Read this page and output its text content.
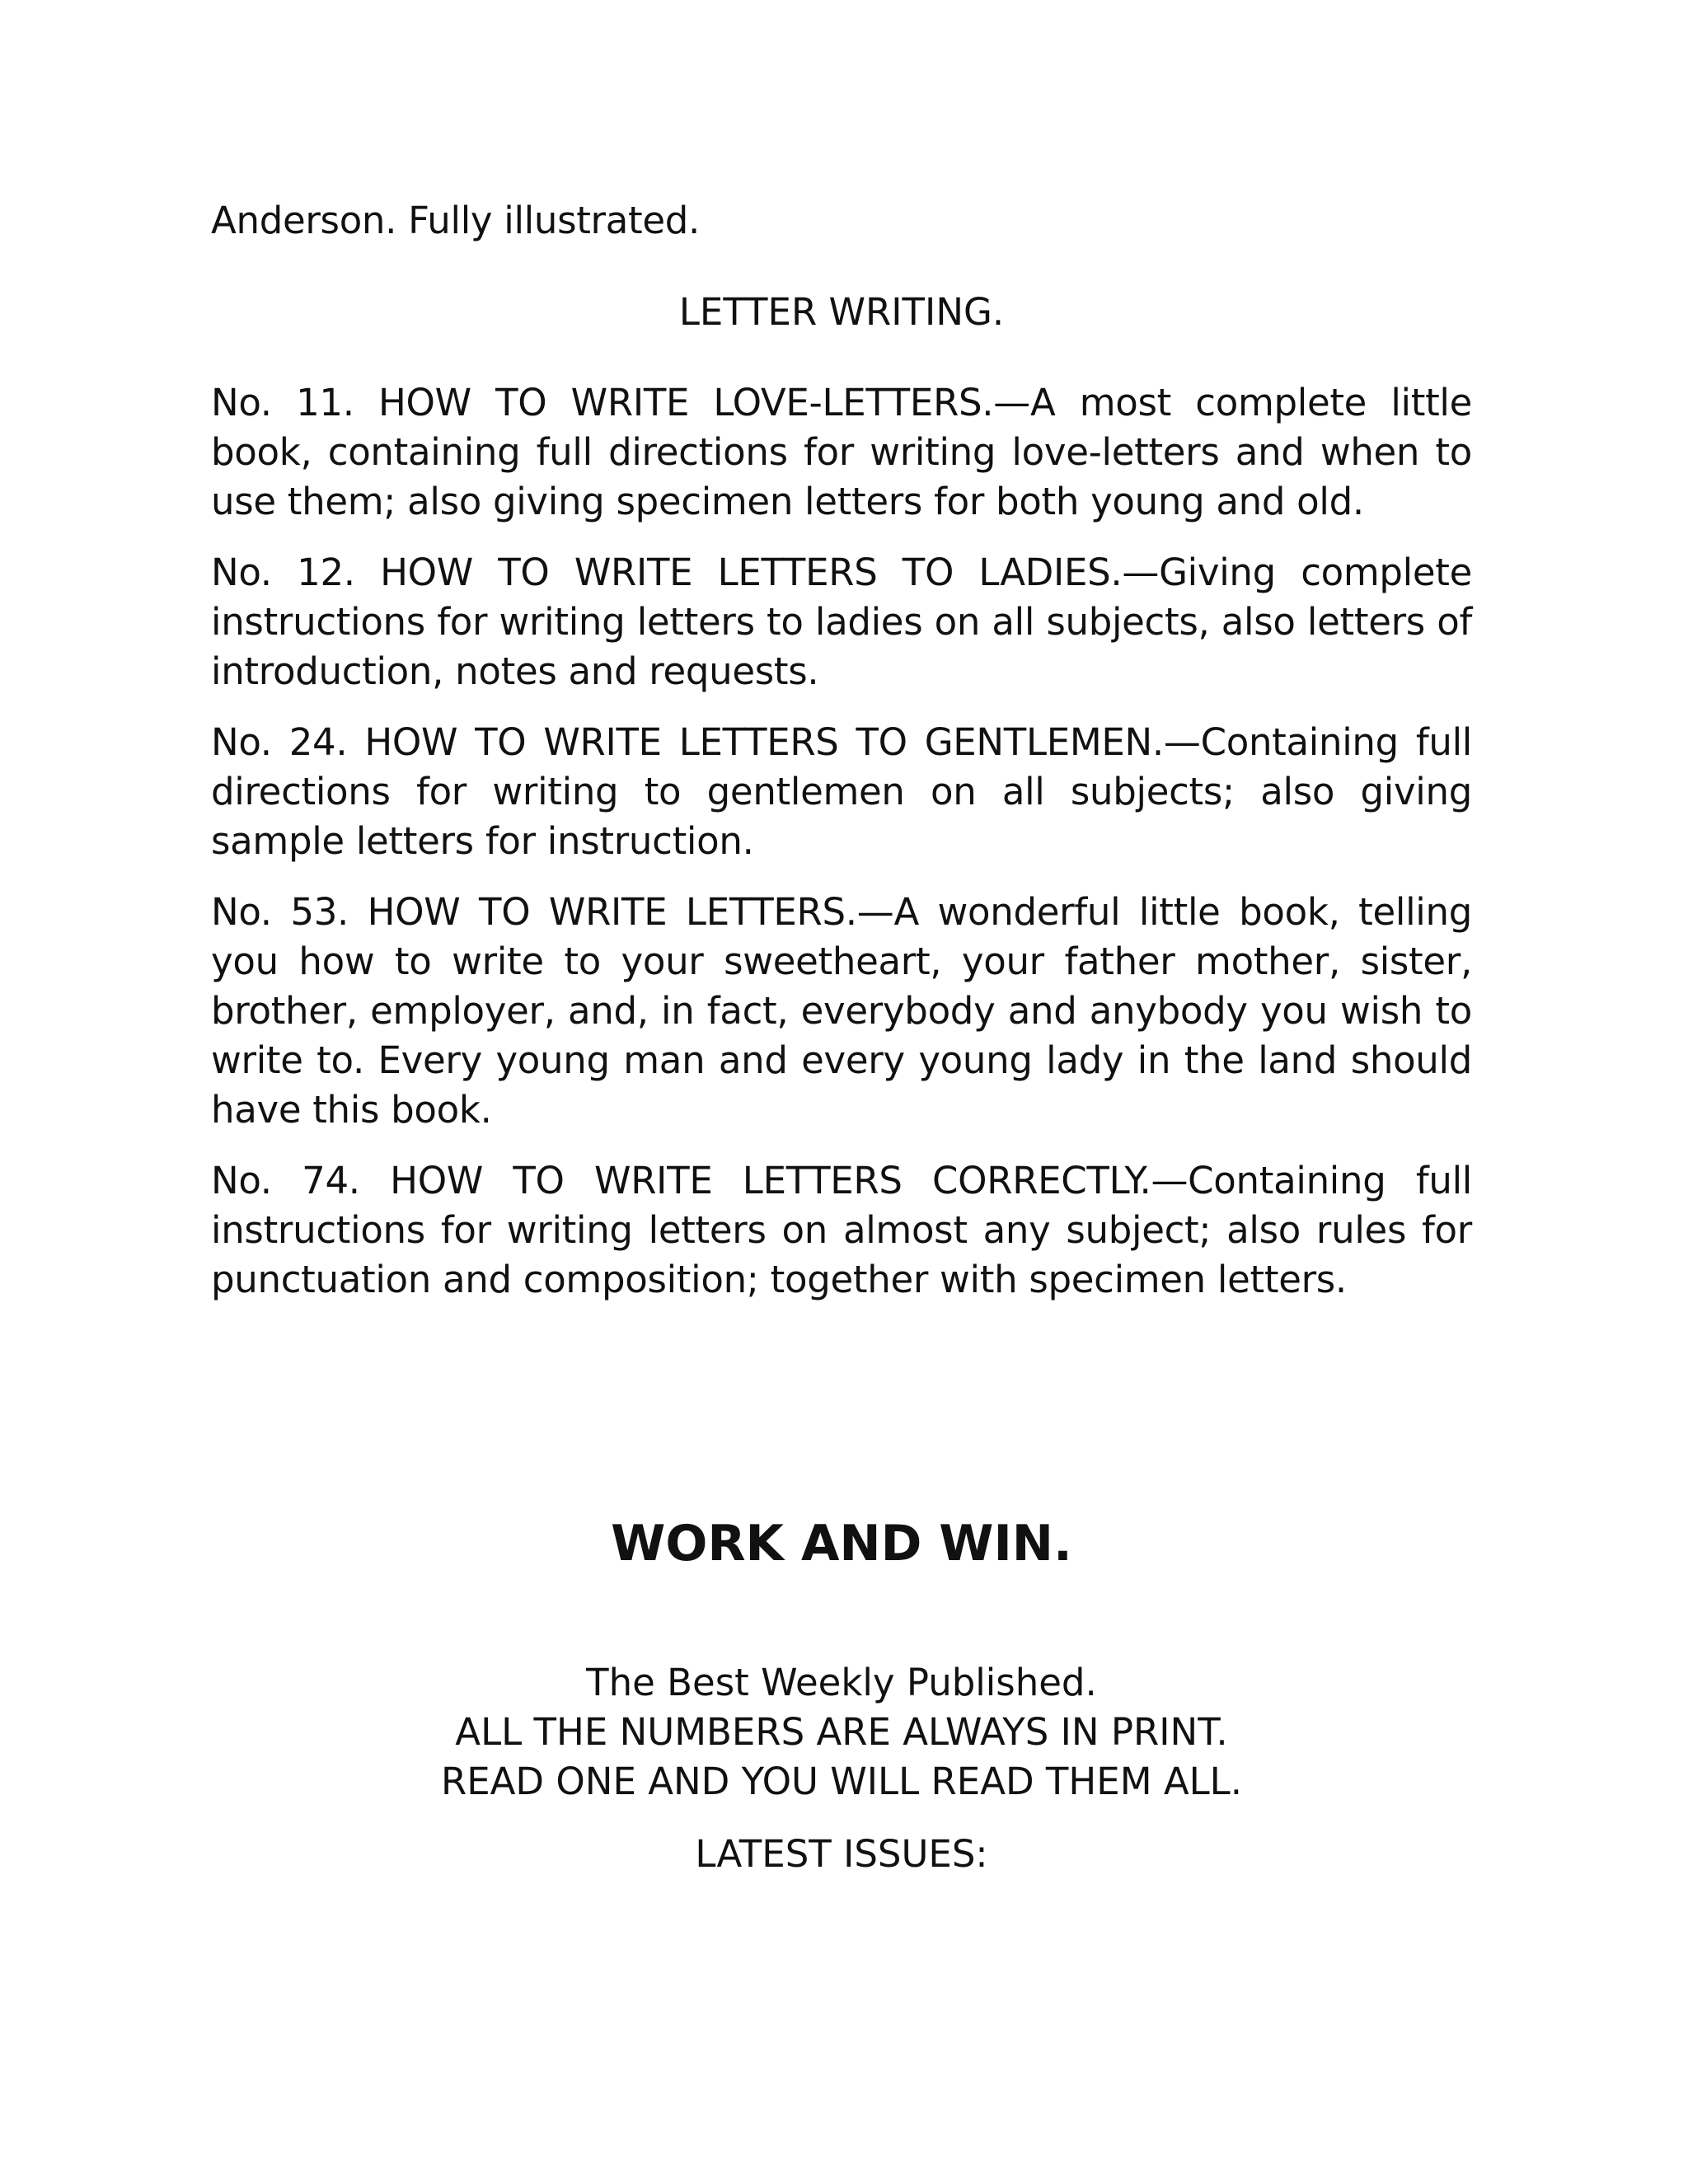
Anderson. Fully illustrated.

LETTER WRITING.

No. 11. HOW TO WRITE LOVE-LETTERS.—A most complete little book, containing full directions for writing love-letters and when to use them; also giving specimen letters for both young and old.

No. 12. HOW TO WRITE LETTERS TO LADIES.—Giving complete instructions for writing letters to ladies on all subjects, also letters of introduction, notes and requests.

No. 24. HOW TO WRITE LETTERS TO GENTLEMEN.—Containing full directions for writing to gentlemen on all subjects; also giving sample letters for instruction.

No. 53. HOW TO WRITE LETTERS.—A wonderful little book, telling you how to write to your sweetheart, your father mother, sister, brother, employer, and, in fact, everybody and anybody you wish to write to. Every young man and every young lady in the land should have this book.

No. 74. HOW TO WRITE LETTERS CORRECTLY.—Containing full instructions for writing letters on almost any subject; also rules for punctuation and composition; together with specimen letters.

WORK AND WIN.
The Best Weekly Published.
ALL THE NUMBERS ARE ALWAYS IN PRINT.
READ ONE AND YOU WILL READ THEM ALL.
LATEST ISSUES:
